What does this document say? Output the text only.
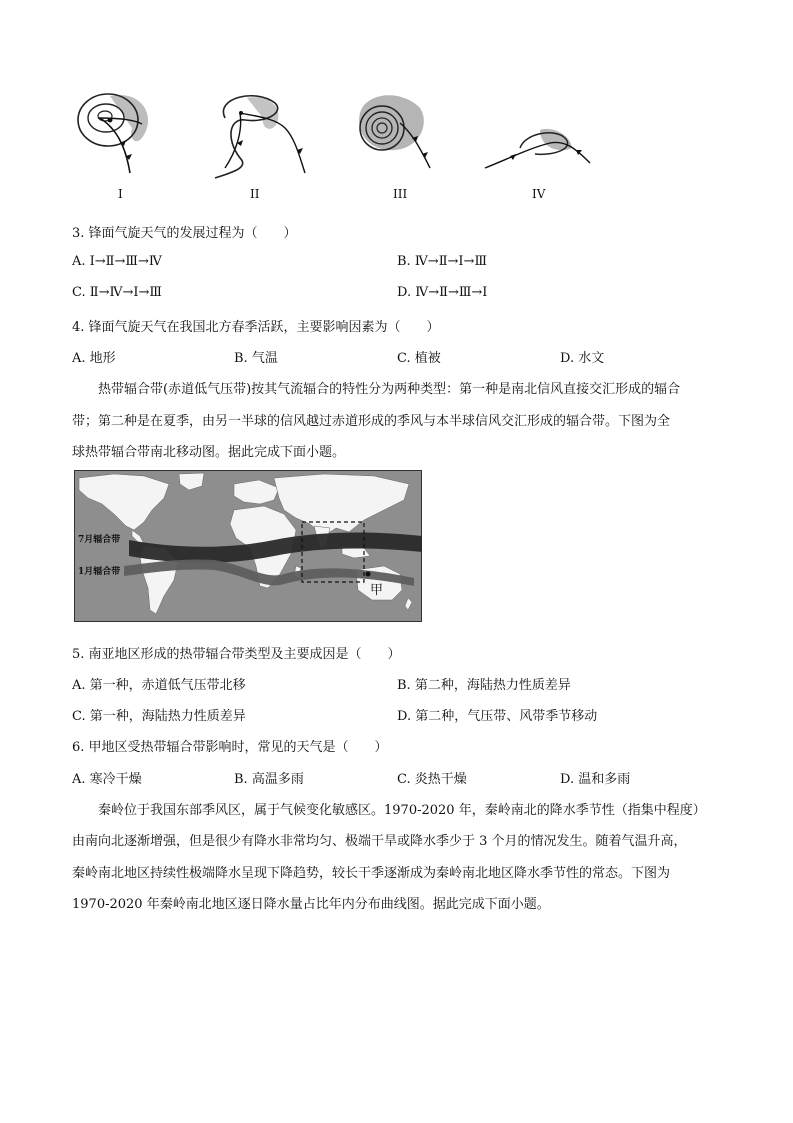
I	II	III	IV
3. 锋面气旋天气的发展过程为（　　）
A. Ⅰ→Ⅱ→Ⅲ→Ⅳ	B. Ⅳ→Ⅱ→Ⅰ→Ⅲ
C. Ⅱ→Ⅳ→Ⅰ→Ⅲ	D. Ⅳ→Ⅱ→Ⅲ→Ⅰ
4. 锋面气旋天气在我国北方春季活跃，主要影响因素为（　　）
A. 地形	B. 气温	C. 植被	D. 水文
热带辐合带(赤道低气压带)按其气流辐合的特性分为两种类型：第一种是南北信风直接交汇形成的辐合
带；第二种是在夏季，由另一半球的信风越过赤道形成的季风与本半球信风交汇形成的辐合带。下图为全
球热带辐合带南北移动图。据此完成下面小题。
7月辐合带
1月辐合带
甲
5. 南亚地区形成的热带辐合带类型及主要成因是（　　）
A. 第一种，赤道低气压带北移	B. 第二种，海陆热力性质差异
C. 第一种，海陆热力性质差异	D. 第二种，气压带、风带季节移动
6. 甲地区受热带辐合带影响时，常见的天气是（　　）
A. 寒冷干燥	B. 高温多雨	C. 炎热干燥	D. 温和多雨
秦岭位于我国东部季风区，属于气候变化敏感区。1970-2020 年，秦岭南北的降水季节性（指集中程度）
由南向北逐渐增强，但是很少有降水非常均匀、极端干旱或降水季少于 3 个月的情况发生。随着气温升高，
秦岭南北地区持续性极端降水呈现下降趋势，较长干季逐渐成为秦岭南北地区降水季节性的常态。下图为
1970-2020 年秦岭南北地区逐日降水量占比年内分布曲线图。据此完成下面小题。
